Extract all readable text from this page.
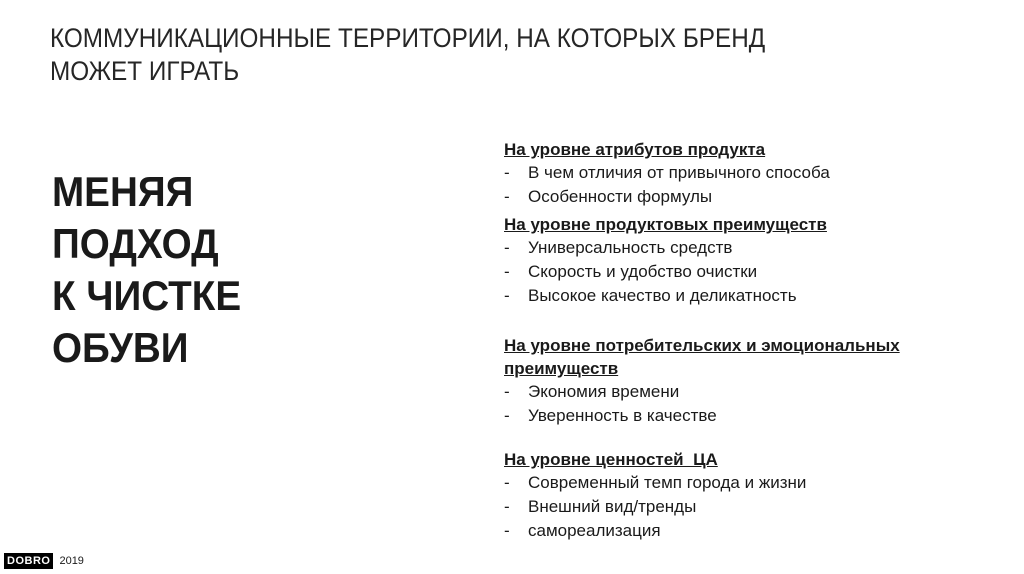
КОММУНИКАЦИОННЫЕ ТЕРРИТОРИИ, НА КОТОРЫХ БРЕНД
МОЖЕТ ИГРАТЬ
МЕНЯЯ
ПОДХОД
К ЧИСТКЕ
ОБУВИ
На уровне атрибутов продукта
- В чем отличия от привычного способа
- Особенности формулы
На уровне продуктовых преимуществ
- Универсальность средств
- Скорость и удобство очистки
- Высокое качество и деликатность
На уровне потребительских и эмоциональных
преимуществ
- Экономия времени
- Уверенность в качестве
На уровне ценностей  ЦА
- Современный темп города и жизни
- Внешний вид/тренды
- самореализация
DOBRO 2019
